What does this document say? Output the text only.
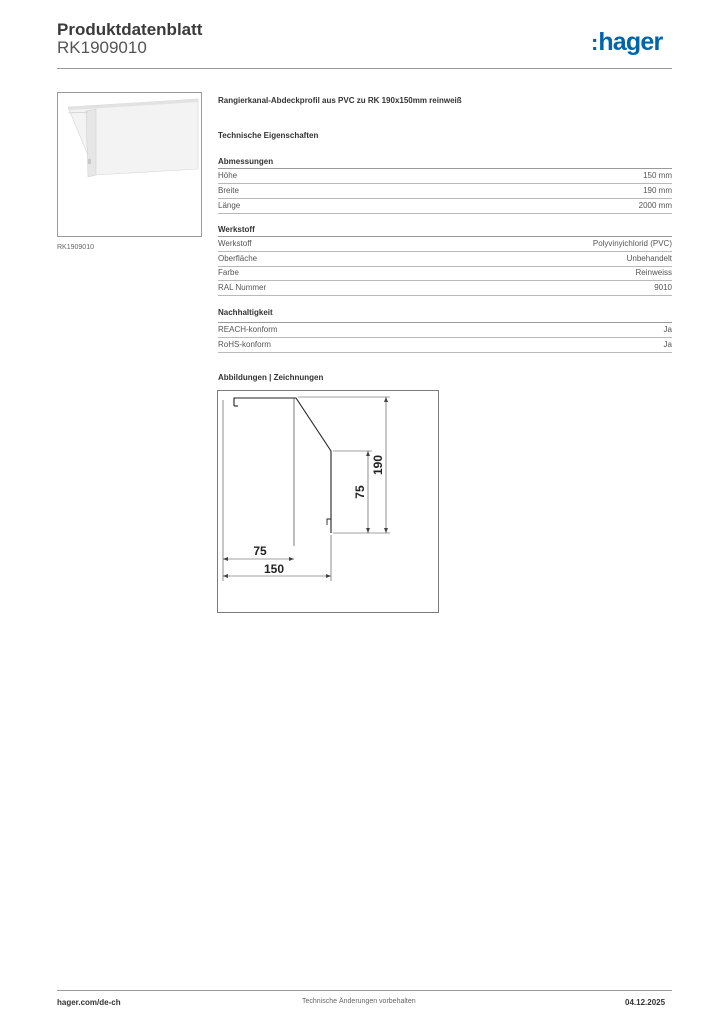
Produktdatenblatt
RK1909010	:hager
RK1909010
Rangierkanal-Abdeckprofil aus PVC zu RK 190x150mm reinweiß
Technische Eigenschaften
Abmessungen
Höhe	150 mm
Breite	190 mm
Länge	2000 mm
Werkstoff
Werkstoff	Polyvinyichlorid (PVC)
Oberfläche	Unbehandelt
Farbe	Reinweiss
RAL Nummer	9010
Nachhaltigkeit
REACH-konform	Ja
RoHS-konform	Ja
Abbildungen | Zeichnungen
190
75
75
150
hager.com/de-ch	Technische Änderungen vorbehalten	04.12.2025
